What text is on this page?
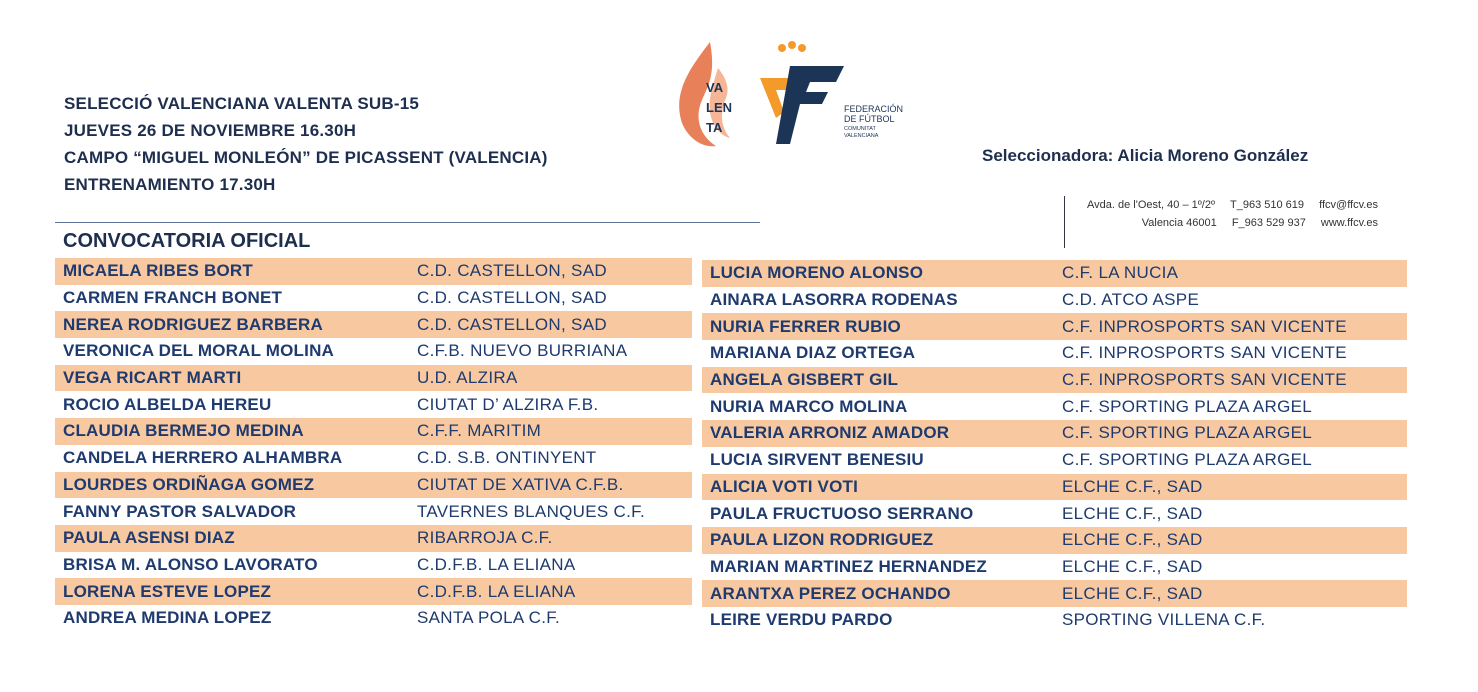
SELECCIÓ VALENCIANA VALENTA SUB-15
JUEVES 26 DE NOVIEMBRE 16.30H
CAMPO “MIGUEL MONLEÓN” DE PICASSENT (VALENCIA)
ENTRENAMIENTO 17.30H
VA
LEN
TA
FEDERACIÓN
DE FÚTBOL
COMUNITAT
VALENCIANA
Seleccionadora: Alicia Moreno González
Avda. de l'Oest, 40 – 1º/2º T_963 510 619 ffcv@ffcv.es
Valencia 46001 F_963 529 937 www.ffcv.es
CONVOCATORIA OFICIAL
MICAELA RIBES BORT	C.D. CASTELLON, SAD
CARMEN FRANCH BONET	C.D. CASTELLON, SAD
NEREA RODRIGUEZ BARBERA	C.D. CASTELLON, SAD
VERONICA DEL MORAL MOLINA	C.F.B. NUEVO BURRIANA
VEGA RICART MARTI	U.D. ALZIRA
ROCIO ALBELDA HEREU	CIUTAT D’ ALZIRA F.B.
CLAUDIA BERMEJO MEDINA	C.F.F. MARITIM
CANDELA HERRERO ALHAMBRA	C.D. S.B. ONTINYENT
LOURDES ORDIÑAGA GOMEZ	CIUTAT DE XATIVA C.F.B.
FANNY PASTOR SALVADOR	TAVERNES BLANQUES C.F.
PAULA ASENSI DIAZ	RIBARROJA C.F.
BRISA M. ALONSO LAVORATO	C.D.F.B. LA ELIANA
LORENA ESTEVE LOPEZ	C.D.F.B. LA ELIANA
ANDREA MEDINA LOPEZ	SANTA POLA C.F.
LUCIA MORENO ALONSO	C.F. LA NUCIA
AINARA LASORRA RODENAS	C.D. ATCO ASPE
NURIA FERRER RUBIO	C.F. INPROSPORTS SAN VICENTE
MARIANA DIAZ ORTEGA	C.F. INPROSPORTS SAN VICENTE
ANGELA GISBERT GIL	C.F. INPROSPORTS SAN VICENTE
NURIA MARCO MOLINA	C.F. SPORTING PLAZA ARGEL
VALERIA ARRONIZ AMADOR	C.F. SPORTING PLAZA ARGEL
LUCIA SIRVENT BENESIU	C.F. SPORTING PLAZA ARGEL
ALICIA VOTI VOTI	ELCHE C.F., SAD
PAULA FRUCTUOSO SERRANO	ELCHE C.F., SAD
PAULA LIZON RODRIGUEZ	ELCHE C.F., SAD
MARIAN MARTINEZ HERNANDEZ	ELCHE C.F., SAD
ARANTXA PEREZ OCHANDO	ELCHE C.F., SAD
LEIRE VERDU PARDO	SPORTING VILLENA C.F.
